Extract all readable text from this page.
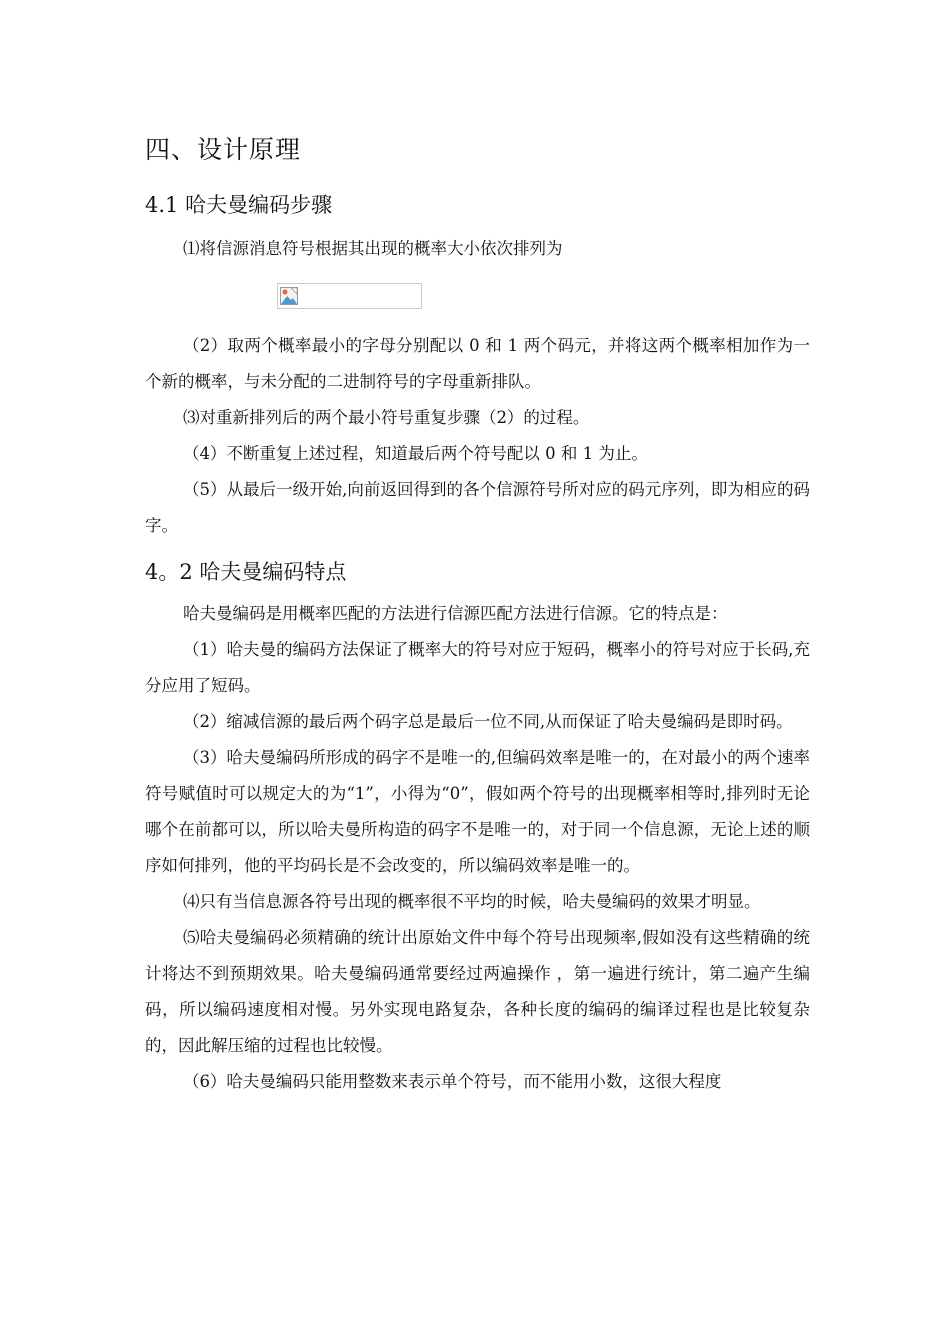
四、设计原理
4.1 哈夫曼编码步骤

⑴将信源消息符号根据其出现的概率大小依次排列为

（2）取两个概率最小的字母分别配以 0 和 1 两个码元，并将这两个概率相加作为一个新的概率，与未分配的二进制符号的字母重新排队。

⑶对重新排列后的两个最小符号重复步骤（2）的过程。

（4）不断重复上述过程，知道最后两个符号配以 0 和 1 为止。

（5）从最后一级开始,向前返回得到的各个信源符号所对应的码元序列，即为相应的码字。

4。2 哈夫曼编码特点

哈夫曼编码是用概率匹配的方法进行信源匹配方法进行信源。它的特点是：

（1）哈夫曼的编码方法保证了概率大的符号对应于短码，概率小的符号对应于长码,充分应用了短码。

（2）缩减信源的最后两个码字总是最后一位不同,从而保证了哈夫曼编码是即时码。

（3）哈夫曼编码所形成的码字不是唯一的,但编码效率是唯一的，在对最小的两个速率符号赋值时可以规定大的为“1”，小得为“0”，假如两个符号的出现概率相等时,排列时无论哪个在前都可以，所以哈夫曼所构造的码字不是唯一的，对于同一个信息源，无论上述的顺序如何排列，他的平均码长是不会改变的，所以编码效率是唯一的。

⑷只有当信息源各符号出现的概率很不平均的时候，哈夫曼编码的效果才明显。

⑸哈夫曼编码必须精确的统计出原始文件中每个符号出现频率,假如没有这些精确的统计将达不到预期效果。哈夫曼编码通常要经过两遍操作 ，第一遍进行统计，第二遍产生编码，所以编码速度相对慢。另外实现电路复杂，各种长度的编码的编译过程也是比较复杂的，因此解压缩的过程也比较慢。

（6）哈夫曼编码只能用整数来表示单个符号，而不能用小数，这很大程度
